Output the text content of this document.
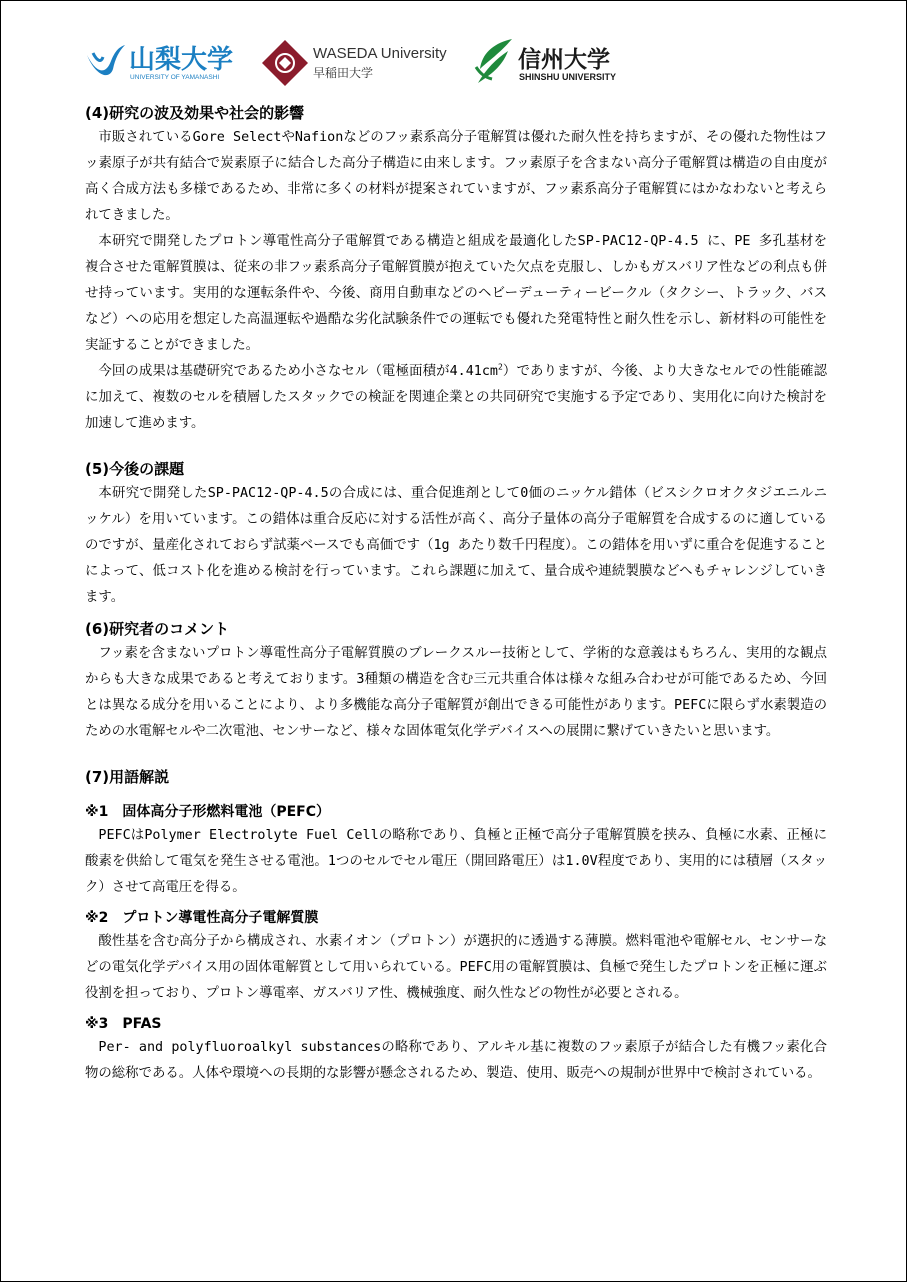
山梨大学
UNIVERSITY OF YAMANASHI
WASEDA University
早稲田大学	信州大学
SHINSHU UNIVERSITY

(4)研究の波及効果や社会的影響

市販されているGore SelectやNafionなどのフッ素系高分子電解質は優れた耐久性を持ちますが、その優れた物性はフッ素原子が共有結合で炭素原子に結合した高分子構造に由来します。フッ素原子を含まない高分子電解質は構造の自由度が高く合成方法も多様であるため、非常に多くの材料が提案されていますが、フッ素系高分子電解質にはかなわないと考えられてきました。

本研究で開発したプロトン導電性高分子電解質である構造と組成を最適化したSP-PAC12-QP-4.5 に、PE 多孔基材を複合させた電解質膜は、従来の非フッ素系高分子電解質膜が抱えていた欠点を克服し、しかもガスバリア性などの利点も併せ持っています。実用的な運転条件や、今後、商用自動車などのヘビーデューティービークル（タクシー、トラック、バスなど）への応用を想定した高温運転や過酷な劣化試験条件での運転でも優れた発電特性と耐久性を示し、新材料の可能性を実証することができました。

今回の成果は基礎研究であるため小さなセル（電極面積が$4.41cm^2$）でありますが、今後、より大きなセルでの性能確認に加えて、複数のセルを積層したスタックでの検証を関連企業との共同研究で実施する予定であり、実用化に向けた検討を加速して進めます。

(5)今後の課題

本研究で開発したSP-PAC12-QP-4.5の合成には、重合促進剤として0価のニッケル錯体（ビスシクロオクタジエニルニッケル）を用いています。この錯体は重合反応に対する活性が高く、高分子量体の高分子電解質を合成するのに適しているのですが、量産化されておらず試薬ベースでも高価です（1g あたり数千円程度）。この錯体を用いずに重合を促進することによって、低コスト化を進める検討を行っています。これら課題に加えて、量合成や連続製膜などへもチャレンジしていきます。

(6)研究者のコメント

フッ素を含まないプロトン導電性高分子電解質膜のブレークスルー技術として、学術的な意義はもちろん、実用的な観点からも大きな成果であると考えております。3種類の構造を含む三元共重合体は様々な組み合わせが可能であるため、今回とは異なる成分を用いることにより、より多機能な高分子電解質が創出できる可能性があります。PEFCに限らず水素製造のための水電解セルや二次電池、センサーなど、様々な固体電気化学デバイスへの展開に繋げていきたいと思います。

(7)用語解説

※1　固体高分子形燃料電池（PEFC）

PEFCはPolymer Electrolyte Fuel Cellの略称であり、負極と正極で高分子電解質膜を挟み、負極に水素、正極に酸素を供給して電気を発生させる電池。1つのセルでセル電圧（開回路電圧）は1.0V程度であり、実用的には積層（スタック）させて高電圧を得る。

※2　プロトン導電性高分子電解質膜

酸性基を含む高分子から構成され、水素イオン（プロトン）が選択的に透過する薄膜。燃料電池や電解セル、センサーなどの電気化学デバイス用の固体電解質として用いられている。PEFC用の電解質膜は、負極で発生したプロトンを正極に運ぶ役割を担っており、プロトン導電率、ガスバリア性、機械強度、耐久性などの物性が必要とされる。

※3　PFAS

Per- and polyfluoroalkyl substancesの略称であり、アルキル基に複数のフッ素原子が結合した有機フッ素化合物の総称である。人体や環境への長期的な影響が懸念されるため、製造、使用、販売への規制が世界中で検討されている。
